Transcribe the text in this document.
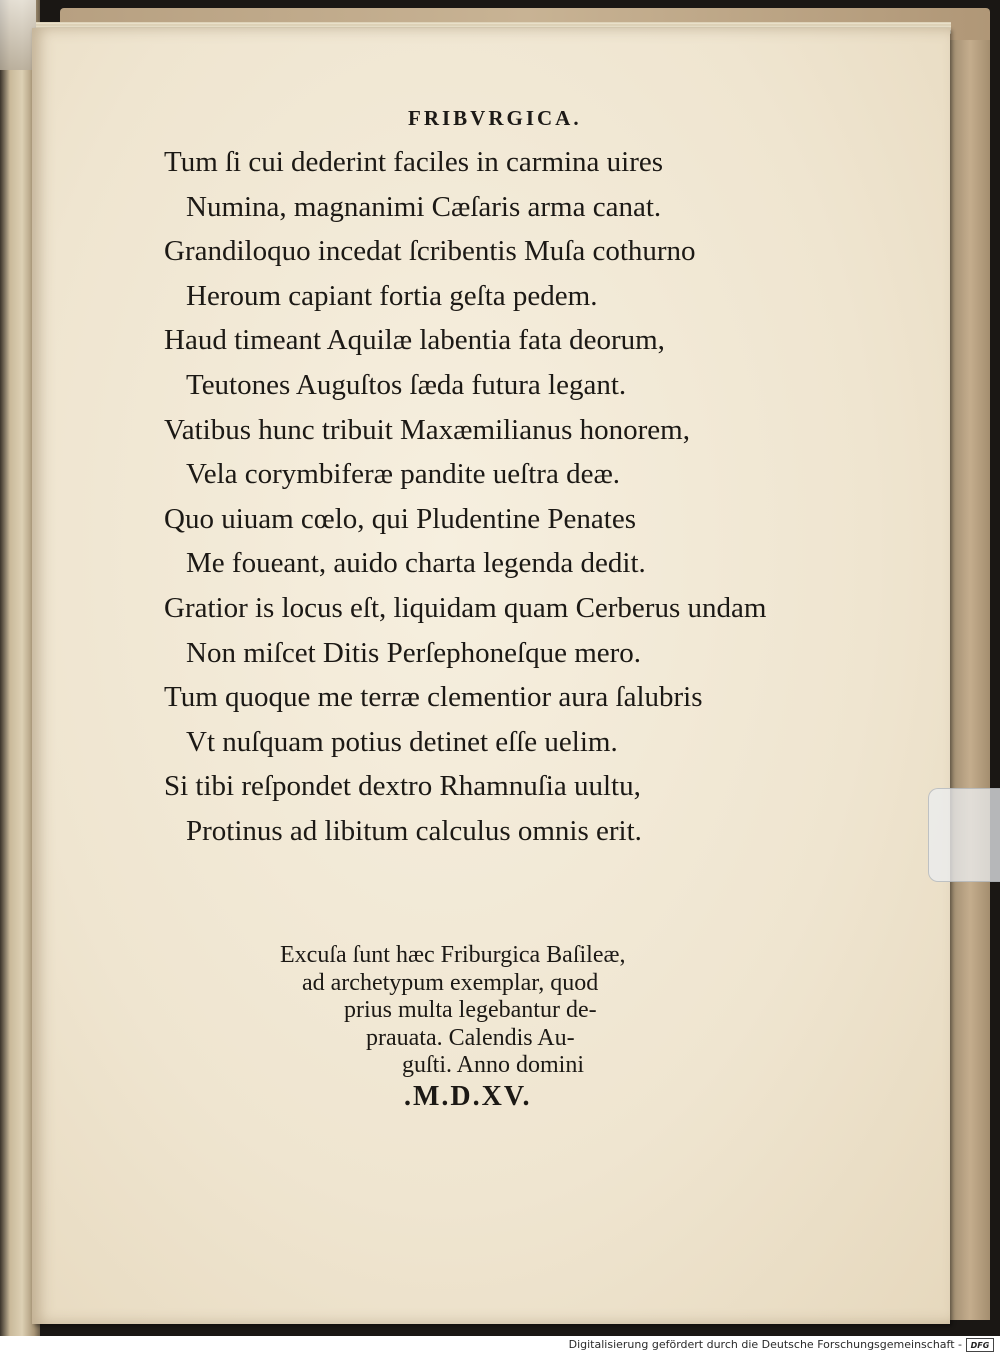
FRIBVRGICA.
Tum ſi cui dederint faciles in carmina uires
Numina, magnanimi Cæſaris arma canat.
Grandiloquo incedat ſcribentis Muſa cothurno
Heroum capiant fortia geſta pedem.
Haud timeant Aquilæ labentia fata deorum,
Teutones Auguſtos ſæda futura legant.
Vatibus hunc tribuit Maxæmilianus honorem,
Vela corymbiferæ pandite ueſtra deæ.
Quo uiuam cœlo, qui Pludentine Penates
Me foueant, auido charta legenda dedit.
Gratior is locus eſt, liquidam quam Cerberus undam
Non miſcet Ditis Perſephoneſque mero.
Tum quoque me terræ clementior aura ſalubris
Vt nuſquam potius detinet eſſe uelim.
Si tibi reſpondet dextro Rhamnuſia uultu,
Protinus ad libitum calculus omnis erit.
Excuſa ſunt hæc Friburgica Baſileæ,
ad archetypum exemplar, quod
prius multa legebantur de-
prauata. Calendis Au-
guſti. Anno domini
.M.D.XV.
Digitalisierung gefördert durch die Deutsche Forschungsgemeinschaft -	DFG
